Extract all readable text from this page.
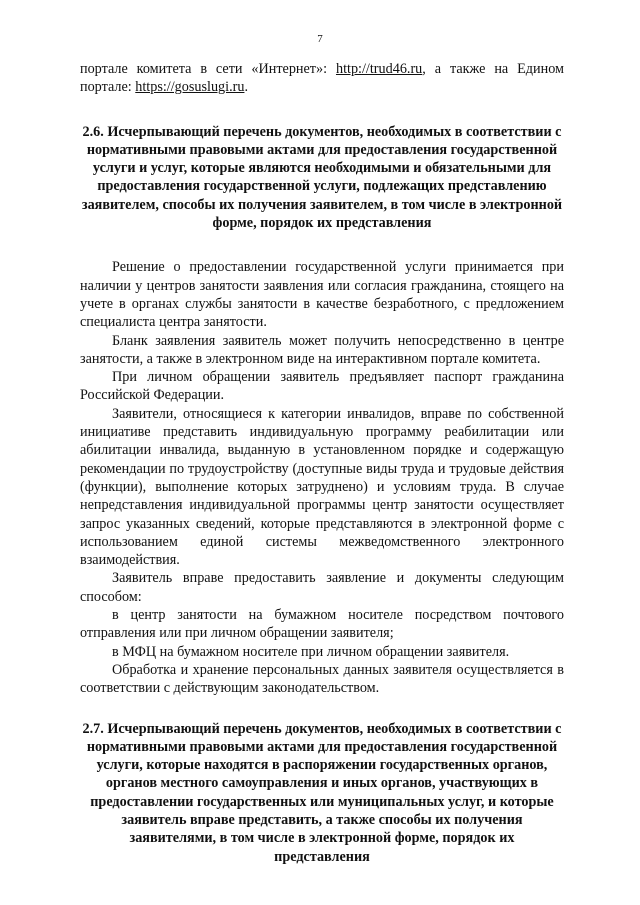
7

порталe комитета в сети «Интернет»: http://trud46.ru, а также на Едином портале: https://gosuslugi.ru.

2.6. Исчерпывающий перечень документов, необходимых в соответствии с нормативными правовыми актами для предоставления государственной услуги и услуг, которые являются необходимыми и обязательными для предоставления государственной услуги, подлежащих представлению заявителем, способы их получения заявителем, в том числе в электронной форме, порядок их представления

Решение о предоставлении государственной услуги принимается при наличии у центров занятости заявления или согласия гражданина, стоящего на учете в органах службы занятости в качестве безработного, с предложением специалиста центра занятости.

Бланк заявления заявитель может получить непосредственно в центре занятости, а также в электронном виде на интерактивном портале комитета.

При личном обращении заявитель предъявляет паспорт гражданина Российской Федерации.

Заявители, относящиеся к категории инвалидов, вправе по собственной инициативе представить индивидуальную программу реабилитации или абилитации инвалида, выданную в установленном порядке и содержащую рекомендации по трудоустройству (доступные виды труда и трудовые действия (функции), выполнение которых затруднено) и условиям труда. В случае непредставления индивидуальной программы центр занятости осуществляет запрос указанных сведений, которые представляются в электронной форме с использованием единой системы межведомственного электронного взаимодействия.

Заявитель вправе предоставить заявление и документы следующим способом:

в центр занятости на бумажном носителе посредством почтового отправления или при личном обращении заявителя;

в МФЦ на бумажном носителе при личном обращении заявителя.

Обработка и хранение персональных данных заявителя осуществляется в соответствии с действующим законодательством.

2.7. Исчерпывающий перечень документов, необходимых в соответствии с нормативными правовыми актами для предоставления государственной услуги, которые находятся в распоряжении государственных органов, органов местного самоуправления и иных органов, участвующих в предоставлении государственных или муниципальных услуг, и которые заявитель вправе представить, а также способы их получения заявителями, в том числе в электронной форме, порядок их представления
